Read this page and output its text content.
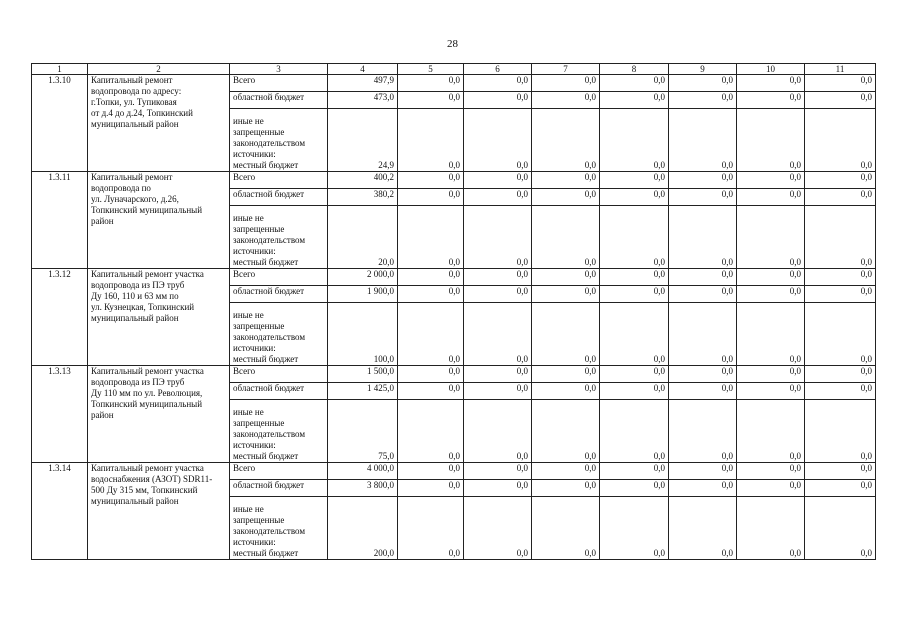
28
1	2	3	4	5	6	7	8	9	10	11
1.3.10	Капитальный ремонт
водопровода по адресу:
г.Топки, ул. Тупиковая
от д.4 до д.24, Топкинский
муниципальный район	Всего	497,9	0,0	0,0	0,0	0,0	0,0	0,0	0,0
		областной бюджет	473,0	0,0	0,0	0,0	0,0	0,0	0,0	0,0
		иные не
запрещенные
законодательством
источники:
местный бюджет	24,9	0,0	0,0	0,0	0,0	0,0	0,0	0,0
1.3.11	Капитальный ремонт
водопровода по
ул. Луначарского, д.26,
Топкинский муниципальный
район	Всего	400,2	0,0	0,0	0,0	0,0	0,0	0,0	0,0
		областной бюджет	380,2	0,0	0,0	0,0	0,0	0,0	0,0	0,0
		иные не
запрещенные
законодательством
источники:
местный бюджет	20,0	0,0	0,0	0,0	0,0	0,0	0,0	0,0
1.3.12	Капитальный ремонт участка
водопровода из ПЭ труб
Ду 160, 110 и 63 мм по
ул. Кузнецкая, Топкинский
муниципальный район	Всего	2 000,0	0,0	0,0	0,0	0,0	0,0	0,0	0,0
		областной бюджет	1 900,0	0,0	0,0	0,0	0,0	0,0	0,0	0,0
		иные не
запрещенные
законодательством
источники:
местный бюджет	100,0	0,0	0,0	0,0	0,0	0,0	0,0	0,0
1.3.13	Капитальный ремонт участка
водопровода из ПЭ труб
Ду 110 мм по ул. Революция,
Топкинский муниципальный
район	Всего	1 500,0	0,0	0,0	0,0	0,0	0,0	0,0	0,0
		областной бюджет	1 425,0	0,0	0,0	0,0	0,0	0,0	0,0	0,0
		иные не
запрещенные
законодательством
источники:
местный бюджет	75,0	0,0	0,0	0,0	0,0	0,0	0,0	0,0
1.3.14	Капитальный ремонт участка
водоснабжения (АЗОТ) SDR11-
500 Ду 315 мм, Топкинский
муниципальный район	Всего	4 000,0	0,0	0,0	0,0	0,0	0,0	0,0	0,0
		областной бюджет	3 800,0	0,0	0,0	0,0	0,0	0,0	0,0	0,0
		иные не
запрещенные
законодательством
источники:
местный бюджет	200,0	0,0	0,0	0,0	0,0	0,0	0,0	0,0
